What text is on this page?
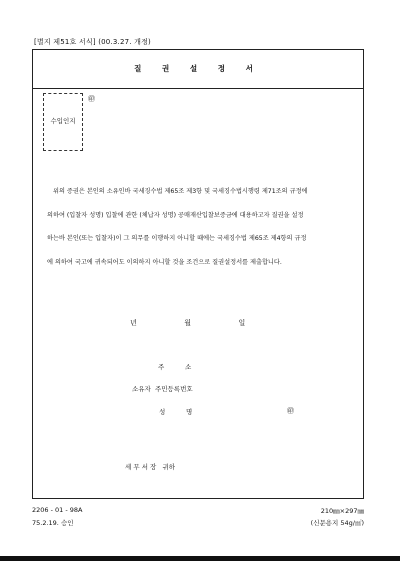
[별지 제51호 서식] (00.3.27. 개정)
질 권 설 정 서
수입인지
㊞

위의 증권은 본인의 소유인바 국세징수법 제65조 제3항 및 국세징수법시행령 제71조의 규정에

의하여 (입찰자 성명) 입찰에 관한 (체납자 성명) 공매재산입찰보증금에 대용하고자 질권을 설정

하는바 본인(또는 입찰자)이 그 의무를 이행하지 아니할 때에는 국세징수법 제65조 제4항의 규정

에 의하여 국고에 귀속되어도 이의하지 아니할 것을 조건으로 질권설정서를 제출합니다.

년	월	일
주          소
소유자  주민등록번호
성          명	㊞
세 무 서 장   귀하
2206 - 01 - 98A
75.2.19. 승인
210㎜×297㎜
(신문용지 54g/㎡)
